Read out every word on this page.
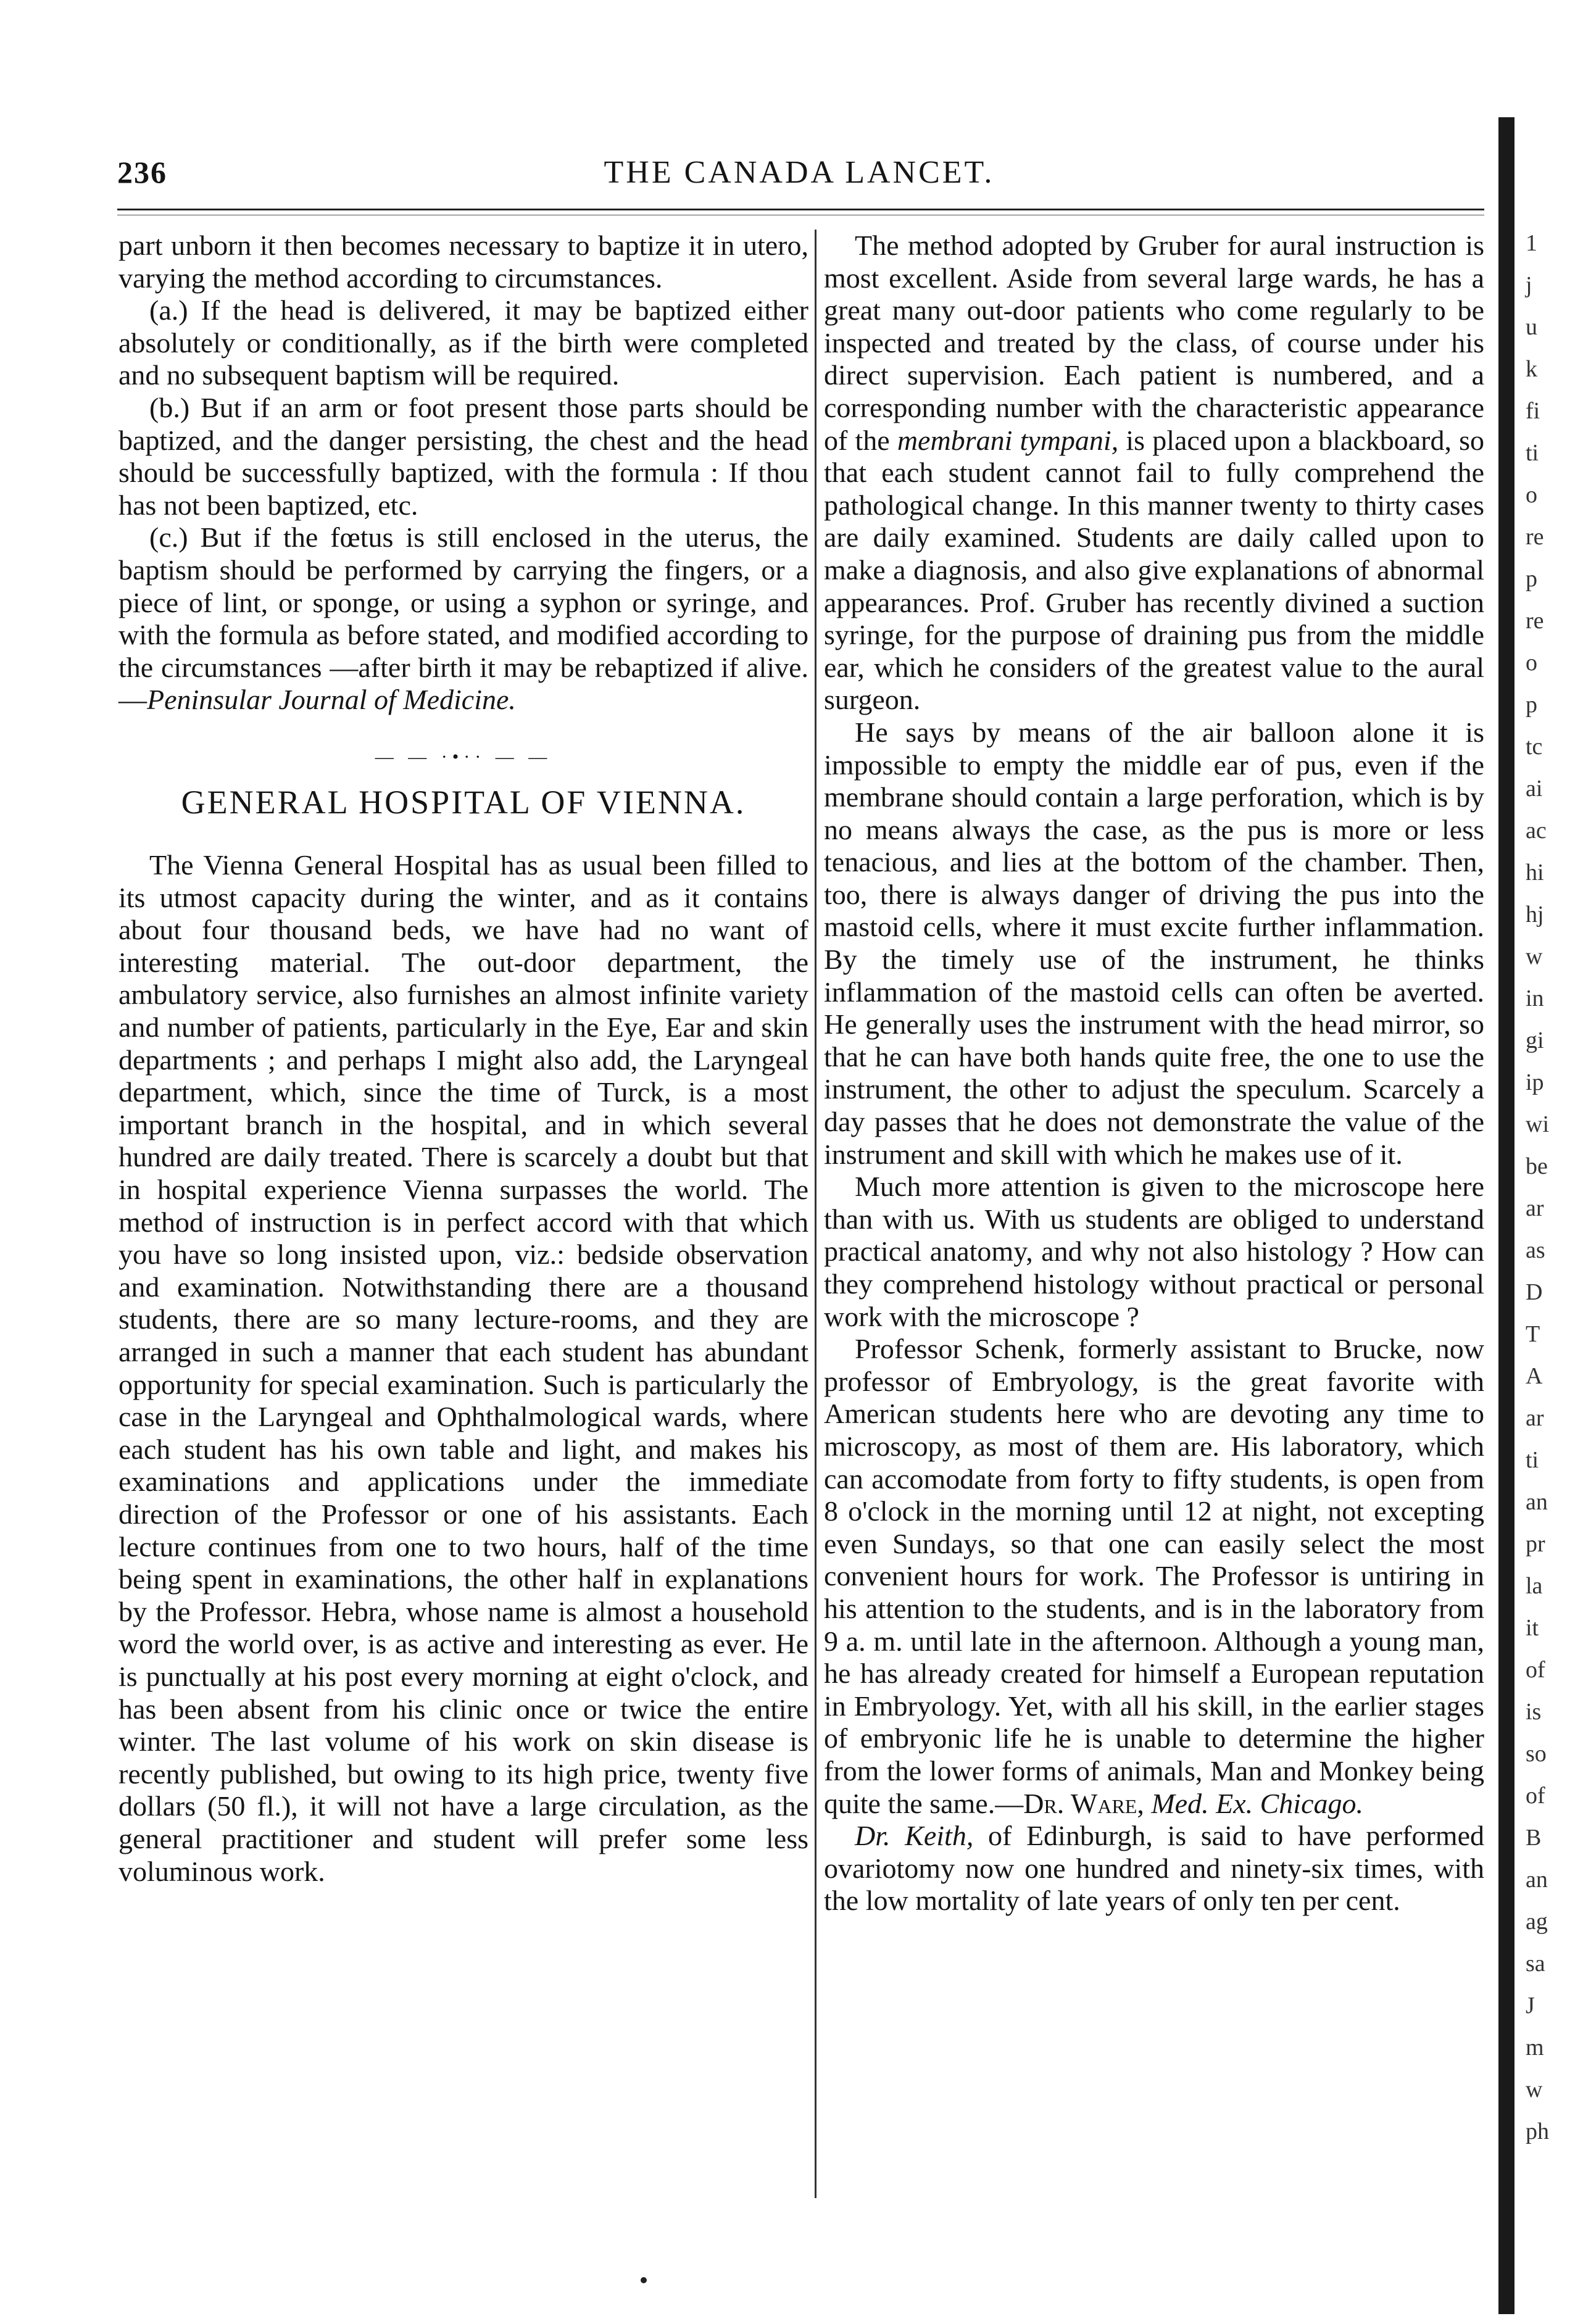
236	THE CANADA LANCET.

part unborn it then becomes necessary to baptize it in utero, varying the method according to circumstances.

(a.) If the head is delivered, it may be baptized either absolutely or conditionally, as if the birth were completed and no subsequent baptism will be required.

(b.) But if an arm or foot present those parts should be baptized, and the danger persisting, the chest and the head should be successfully baptized, with the formula : If thou has not been baptized, etc.

(c.) But if the fœtus is still enclosed in the uterus, the baptism should be performed by carrying the fingers, or a piece of lint, or sponge, or using a syphon or syringe, and with the formula as before stated, and modified according to the circumstances —after birth it may be rebaptized if alive.—Peninsular Journal of Medicine.

— — ·•·· — —
GENERAL HOSPITAL OF VIENNA.

The Vienna General Hospital has as usual been filled to its utmost capacity during the winter, and as it contains about four thousand beds, we have had no want of interesting material. The out-door department, the ambulatory service, also furnishes an almost infinite variety and number of patients, particularly in the Eye, Ear and skin departments ; and perhaps I might also add, the Laryngeal department, which, since the time of Turck, is a most important branch in the hospital, and in which several hundred are daily treated. There is scarcely a doubt but that in hospital experience Vienna surpasses the world. The method of instruction is in perfect accord with that which you have so long insisted upon, viz.: bedside observation and examination. Notwithstanding there are a thousand students, there are so many lecture-rooms, and they are arranged in such a manner that each student has abundant opportunity for special examination. Such is particularly the case in the Laryngeal and Ophthalmological wards, where each student has his own table and light, and makes his examinations and applications under the immediate direction of the Professor or one of his assistants. Each lecture continues from one to two hours, half of the time being spent in examinations, the other half in explanations by the Professor. Hebra, whose name is almost a household word the world over, is as active and interesting as ever. He is punctually at his post every morning at eight o'clock, and has been absent from his clinic once or twice the entire winter. The last volume of his work on skin disease is recently published, but owing to its high price, twenty five dollars (50 fl.), it will not have a large circulation, as the general practitioner and student will prefer some less voluminous work.

The method adopted by Gruber for aural instruction is most excellent. Aside from several large wards, he has a great many out-door patients who come regularly to be inspected and treated by the class, of course under his direct supervision. Each patient is numbered, and a corresponding number with the characteristic appearance of the membrani tympani, is placed upon a blackboard, so that each student cannot fail to fully comprehend the pathological change. In this manner twenty to thirty cases are daily examined. Students are daily called upon to make a diagnosis, and also give explanations of abnormal appearances. Prof. Gruber has recently divined a suction syringe, for the purpose of draining pus from the middle ear, which he considers of the greatest value to the aural surgeon.

He says by means of the air balloon alone it is impossible to empty the middle ear of pus, even if the membrane should contain a large perforation, which is by no means always the case, as the pus is more or less tenacious, and lies at the bottom of the chamber. Then, too, there is always danger of driving the pus into the mastoid cells, where it must excite further inflammation. By the timely use of the instrument, he thinks inflammation of the mastoid cells can often be averted. He generally uses the instrument with the head mirror, so that he can have both hands quite free, the one to use the instrument, the other to adjust the speculum. Scarcely a day passes that he does not demonstrate the value of the instrument and skill with which he makes use of it.

Much more attention is given to the microscope here than with us. With us students are obliged to understand practical anatomy, and why not also histology ? How can they comprehend histology without practical or personal work with the microscope ?

Professor Schenk, formerly assistant to Brucke, now professor of Embryology, is the great favorite with American students here who are devoting any time to microscopy, as most of them are. His laboratory, which can accomodate from forty to fifty students, is open from 8 o'clock in the morning until 12 at night, not excepting even Sundays, so that one can easily select the most convenient hours for work. The Professor is untiring in his attention to the students, and is in the laboratory from 9 a. m. until late in the afternoon. Although a young man, he has already created for himself a European reputation in Embryology. Yet, with all his skill, in the earlier stages of embryonic life he is unable to determine the higher from the lower forms of animals, Man and Monkey being quite the same.—Dr. Ware, Med. Ex. Chicago.

Dr. Keith, of Edinburgh, is said to have performed ovariotomy now one hundred and ninety-six times, with the low mortality of late years of only ten per cent.

1
j
u
k
fi
ti
o
re
p
re
o
p
tc
ai
ac
hi
hj
w
in
gi
ip
wi
be
ar
as
D
T
A
ar
ti
an
pr
la
it
of
is
so
of
B
an
ag
sa
J
m
w
ph
